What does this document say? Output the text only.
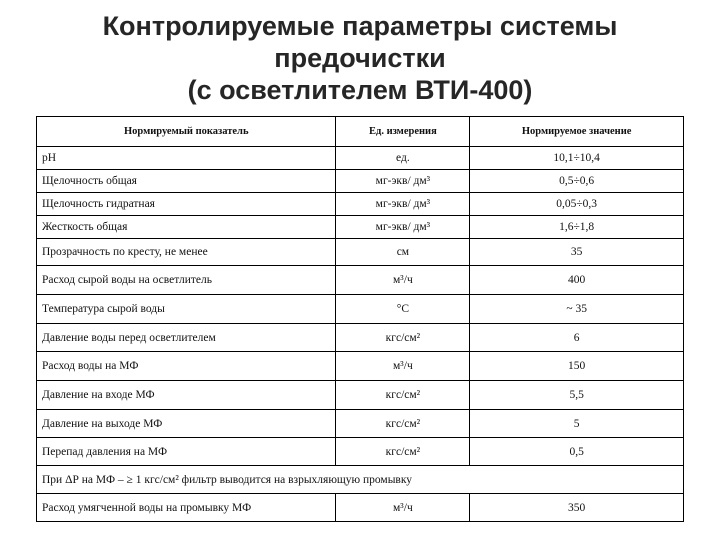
Контролируемые параметры системы
предочистки
(с осветлителем ВТИ-400)
Нормируемый показатель	Ед. измерения	Нормируемое значение
рН	ед.	10,1÷10,4
Щелочность общая	мг-экв/ дм³	0,5÷0,6
Щелочность гидратная	мг-экв/ дм³	0,05÷0,3
Жесткость общая	мг-экв/ дм³	1,6÷1,8
Прозрачность по кресту, не менее	см	35
Расход сырой воды на осветлитель	м³/ч	400
Температура сырой воды	°С	~ 35
Давление воды перед осветлителем	кгс/см²	6
Расход воды на МФ	м³/ч	150
Давление на входе МФ	кгс/см²	5,5
Давление на выходе МФ	кгс/см²	5
Перепад давления на МФ	кгс/см²	0,5
При ΔР на МФ – ≥ 1 кгс/см² фильтр выводится на взрыхляющую промывку		
Расход умягченной воды на промывку МФ	м³/ч	350
